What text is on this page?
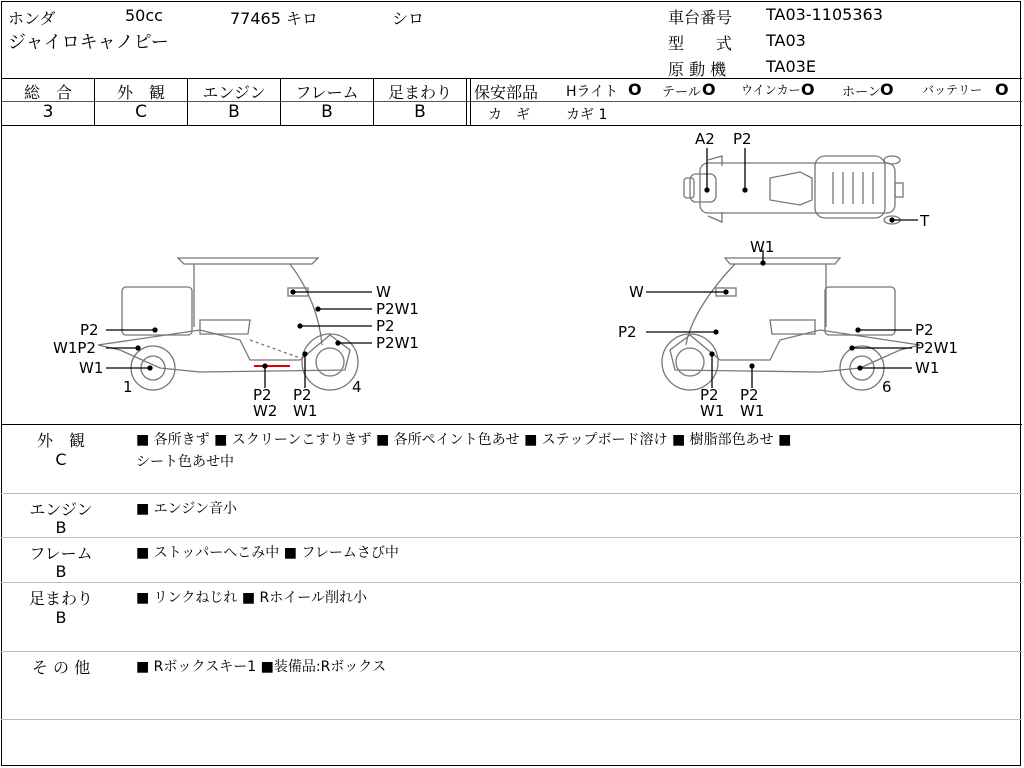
ホンダ	50cc	77465 キロ	シロ
ジャイロキャノピー
車台番号 TA03-1105363
型　　式 TA03
原 動 機 TA03E
総　合
3
外　観
C
エンジン
B
フレーム
B
足まわり
B
保安部品 Hライト O テール O ウインカー O ホーン O バッテリー O
カ　ギ	カギ 1
A2 P2
T
W
P2W1
P2
P2W1
P2
W1P2
W1
1	P2
W2
P2
W1
4
W1
W
P2	P2
P2W1
W1
6
P2
W1
P2
W1
外　観
C
■ 各所きず ■ スクリーンこすりきず ■ 各所ペイント色あせ ■ ステップボード溶け ■ 樹脂部色あせ ■
シート色あせ中
エンジン
B
■ エンジン音小
フレーム
B
■ ストッパーへこみ中 ■ フレームさび中
足まわり
B
■ リンクねじれ ■ Rホイール削れ小
そ の 他	■ Rボックスキー1 ■装備品:Rボックス
